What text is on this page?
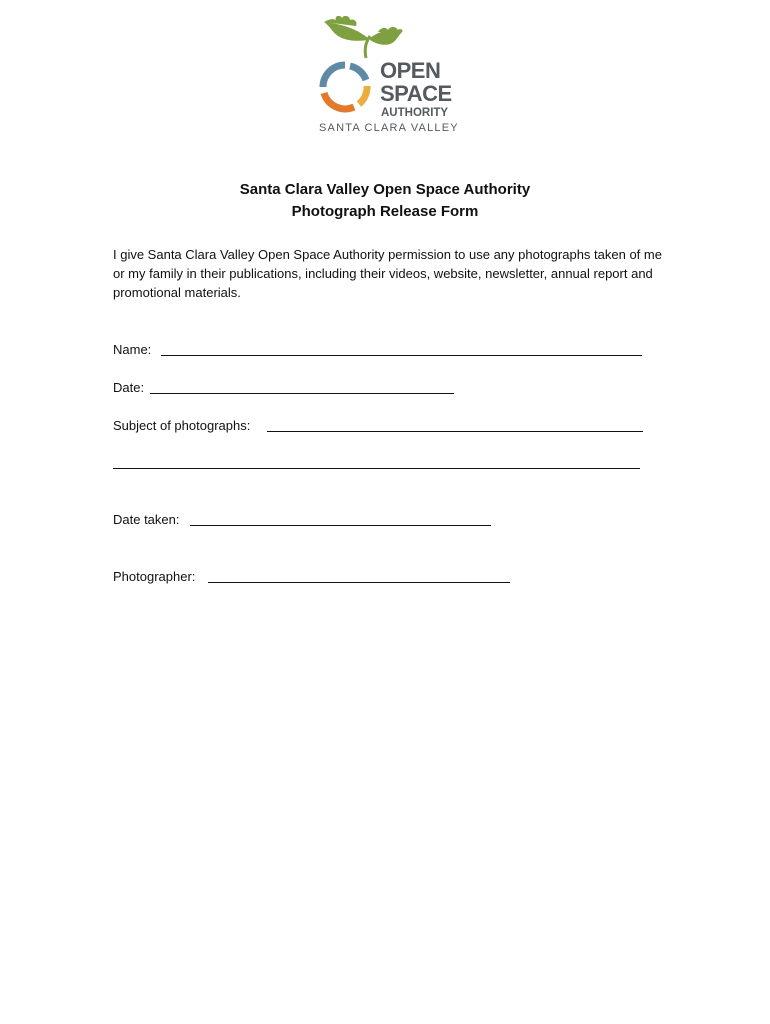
OPEN
SPACE
AUTHORITY
SANTA CLARA VALLEY
Santa Clara Valley Open Space Authority
Photograph Release Form
I give Santa Clara Valley Open Space Authority permission to use any photographs taken of me or my family in their publications, including their videos, website, newsletter, annual report and promotional materials.
Name:
Date:
Subject of photographs:
Date taken:
Photographer:
